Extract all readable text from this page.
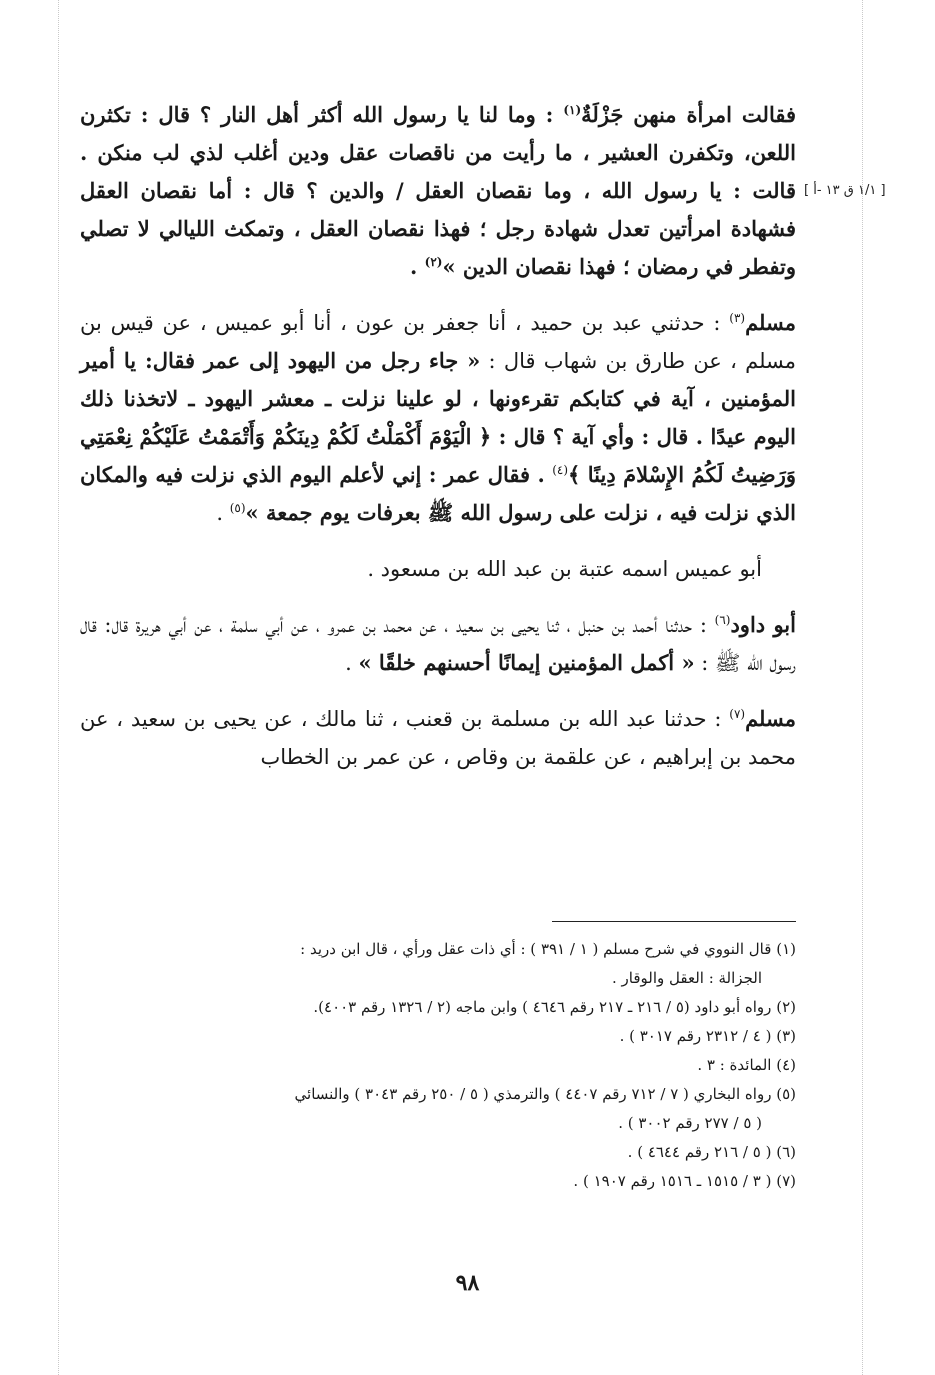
[ ١/١ ق ١٣ -أ ]

فقالت امرأة منهن جَزْلَةٌ$^{(١)}$ : وما لنا يا رسول الله أكثر أهل النار ؟ قال : تكثرن اللعن، وتكفرن العشير ، ما رأيت من ناقصات عقل ودين أغلب لذي لب منكن . قالت : يا رسول الله ، وما نقصان العقل / والدين ؟ قال : أما نقصان العقل فشهادة امرأتين تعدل شهادة رجل ؛ فهذا نقصان العقل ، وتمكث الليالي لا تصلي وتفطر في رمضان ؛ فهذا نقصان الدين »$^{(٢)}$ .

مسلم$^{(٣)}$ : حدثني عبد بن حميد ، أنا جعفر بن عون ، أنا أبو عميس ، عن قيس بن مسلم ، عن طارق بن شهاب قال : « جاء رجل من اليهود إلى عمر فقال: يا أمير المؤمنين ، آية في كتابكم تقرءونها ، لو علينا نزلت ـ معشر اليهود ـ لاتخذنا ذلك اليوم عيدًا . قال : وأي آية ؟ قال : ﴿ الْيَوْمَ أَكْمَلْتُ لَكُمْ دِينَكُمْ وَأَتْمَمْتُ عَلَيْكُمْ نِعْمَتِي وَرَضِيتُ لَكُمُ الإِسْلامَ دِينًا ﴾$^{(٤)}$ . فقال عمر : إني لأعلم اليوم الذي نزلت فيه والمكان الذي نزلت فيه ، نزلت على رسول الله ﷺ بعرفات يوم جمعة »$^{(٥)}$ .

أبو عميس اسمه عتبة بن عبد الله بن مسعود .

أبو داود$^{(٦)}$ : حدثنا أحمد بن حنبل ، ثنا يحيى بن سعيد ، عن محمد بن عمرو ، عن أبي سلمة ، عن أبي هريرة قال: قال رسول الله ﷺ : « أكمل المؤمنين إيمانًا أحسنهم خلقًا » .

مسلم$^{(٧)}$ : حدثنا عبد الله بن مسلمة بن قعنب ، ثنا مالك ، عن يحيى بن سعيد ، عن محمد بن إبراهيم ، عن علقمة بن وقاص ، عن عمر بن الخطاب

(١) قال النووي في شرح مسلم ( ١ / ٣٩١ ) : أي ذات عقل ورأي ، قال ابن دريد :
الجزالة : العقل والوقار .
(٢) رواه أبو داود (٥ / ٢١٦ ـ ٢١٧ رقم ٤٦٤٦ ) وابن ماجه (٢ / ١٣٢٦ رقم ٤٠٠٣).
(٣) ( ٤ / ٢٣١٢ رقم ٣٠١٧ ) .
(٤) المائدة : ٣ .
(٥) رواه البخاري ( ٧ / ٧١٢ رقم ٤٤٠٧ ) والترمذي ( ٥ / ٢٥٠ رقم ٣٠٤٣ ) والنسائي
( ٥ / ٢٧٧ رقم ٣٠٠٢ ) .
(٦) ( ٥ / ٢١٦ رقم ٤٦٤٤ ) .
(٧) ( ٣ / ١٥١٥ ـ ١٥١٦ رقم ١٩٠٧ ) .
٩٨
